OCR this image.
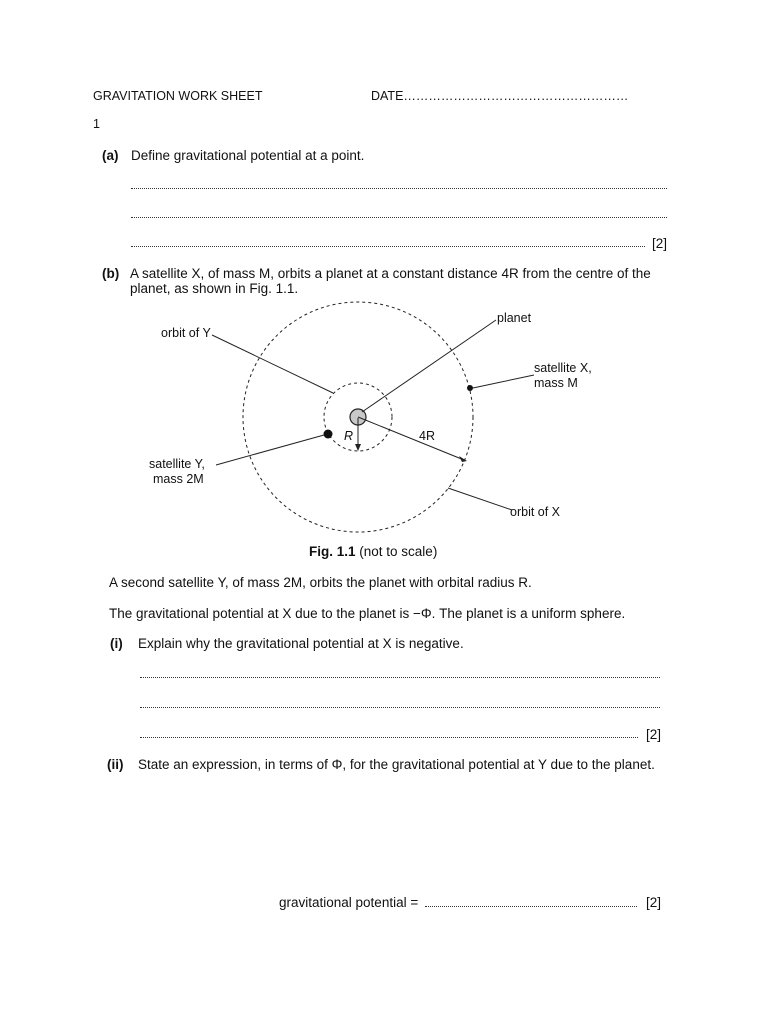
GRAVITATION WORK SHEET	DATE………………………………………………
1
(a) Define gravitational potential at a point.
[2]
(b) A satellite X, of mass M, orbits a planet at a constant distance 4R from the centre of the
planet, as shown in Fig. 1.1.
orbit of Y
planet
satellite X,
mass M
satellite Y,
mass 2M
R	4R
orbit of X
Fig. 1.1 (not to scale)
A second satellite Y, of mass 2M, orbits the planet with orbital radius R.
The gravitational potential at X due to the planet is −Φ. The planet is a uniform sphere.
(i) Explain why the gravitational potential at X is negative.
[2]
(ii) State an expression, in terms of Φ, for the gravitational potential at Y due to the planet.
gravitational potential =	[2]
